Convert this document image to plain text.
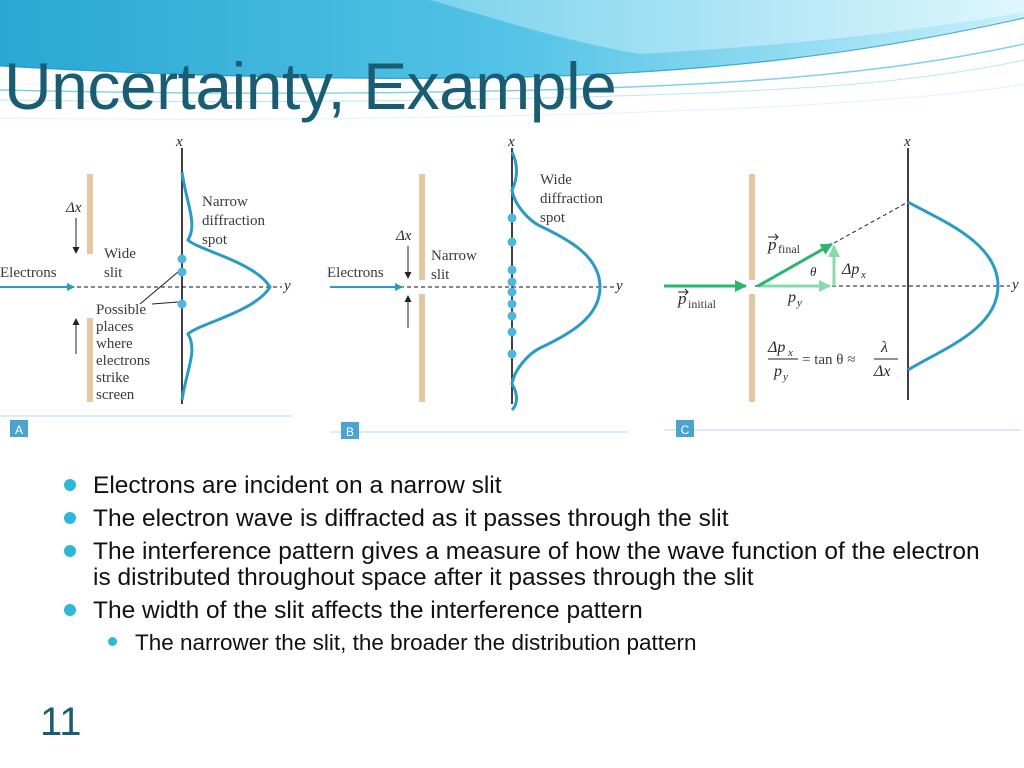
Uncertainty, Example
A
x
y
Electrons
Δx
Wide slit
Narrow diffraction spot
Possible places where electrons strike screen
B
x
y
Electrons
Δx
Narrow slit
Wide diffraction spot
C
x
y
p initial
p final
θ Δp x
p y
Δp x
p y
= tan θ ≈
λ
Δx
Electrons are incident on a narrow slit
The electron wave is diffracted as it passes through the slit
The interference pattern gives a measure of how the wave function of the electron is distributed throughout space after it passes through the slit
The width of the slit affects the interference pattern
The narrower the slit, the broader the distribution pattern
11
